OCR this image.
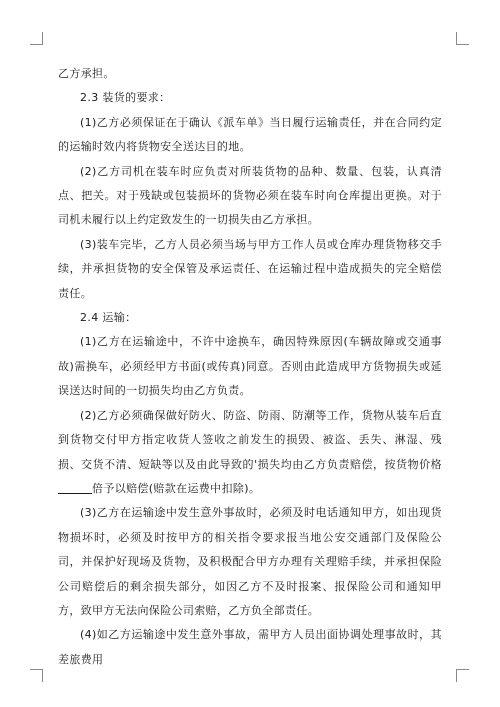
乙方承担。

2.3 装货的要求：

(1)乙方必须保证在于确认《派车单》当日履行运输责任，并在合同约定的运输时效内将货物安全送达目的地。

(2)乙方司机在装车时应负责对所装货物的品种、数量、包装，认真清点、把关。对于残缺或包装损坏的货物必须在装车时向仓库提出更换。对于司机未履行以上约定致发生的一切损失由乙方承担。

(3)装车完毕，乙方人员必须当场与甲方工作人员或仓库办理货物移交手续，并承担货物的安全保管及承运责任、在运输过程中造成损失的完全赔偿责任。

2.4 运输：

(1)乙方在运输途中，不许中途换车，确因特殊原因(车辆故障或交通事故)需换车，必须经甲方书面(或传真)同意。否则由此造成甲方货物损失或延误送达时间的一切损失均由乙方负责。

(2)乙方必须确保做好防火、防盗、防雨、防潮等工作，货物从装车后直到货物交付甲方指定收货人签收之前发生的损毁、被盗、丢失、淋湿、残损、交货不清、短缺等以及由此导致的'损失均由乙方负责赔偿，按货物价格倍予以赔偿(赔款在运费中扣除)。

(3)乙方在运输途中发生意外事故时，必须及时电话通知甲方，如出现货物损坏时，必须及时按甲方的相关指令要求报当地公安交通部门及保险公司，并保护好现场及货物，及积极配合甲方办理有关理赔手续，并承担保险公司赔偿后的剩余损失部分，如因乙方不及时报案、报保险公司和通知甲方，致甲方无法向保险公司索赔，乙方负全部责任。

(4)如乙方运输途中发生意外事故，需甲方人员出面协调处理事故时，其差旅费用
